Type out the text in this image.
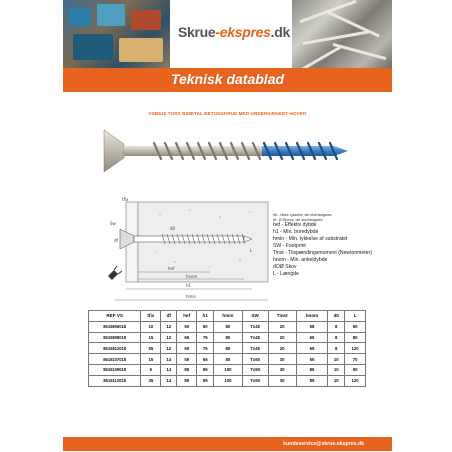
Skrue-ekspres.dk
Teknisk datablad
VSB615 TORX BIMETAL BETONSKRUE MED UNDERSÆNKET HOVED
tfix
Sw
df
d0
hef
hnom
h1
hmin
L
tfix - Maks. tykkelse, der skal fastgøres
df - Ø Skoven, der skal fastgøres
hef - Effektiv dybde
h1 - Min. boredybde
hmin - Min. tykkelse af substratet
SW - Footprint
Tinst - Tilspændingsmoment (Newtonmeter)
hnom - Min. ankeldybde
dOØ Skov
L - Længde
REF VS	tfix	df	hef	h1	hmin	SW	Tinst	hnom	d0	L
8615806018	10	12	50	60	80	Tx45	20	58	8	60
8615808018	15	12	65	75	80	Tx45	20	65	8	80
8615812018	55	12	65	75	80	Tx45	20	65	8	120
8615107018	15	14	55	65	80	Tx50	30	55	10	70
8615109018	5	14	85	95	100	Tx50	30	85	10	90
8615112018	35	14	85	95	100	Tx50	30	85	10	120
kundeservice@skrue-ekspres.dk
